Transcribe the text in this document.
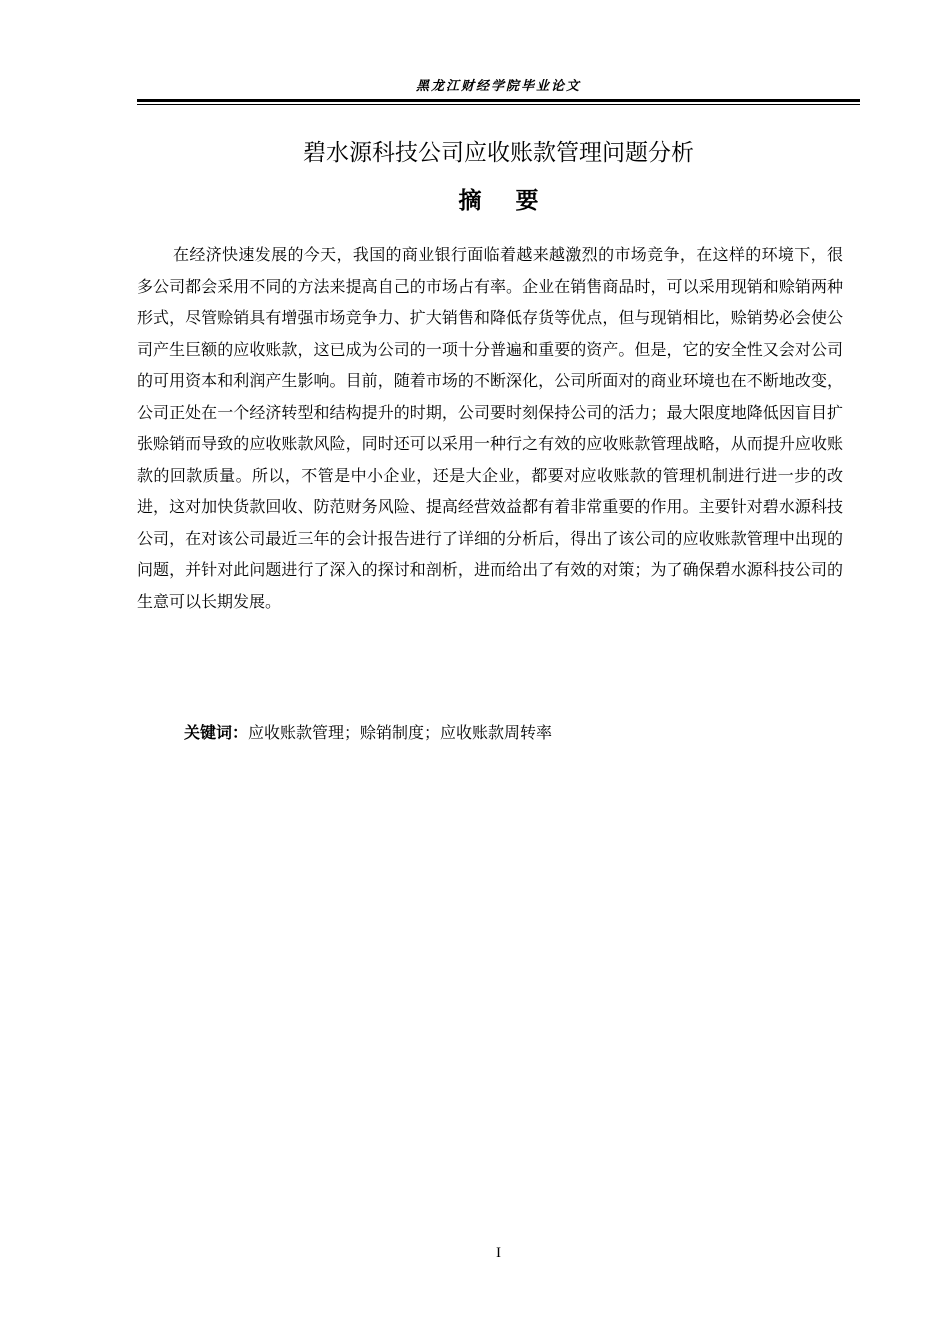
黑龙江财经学院毕业论文
碧水源科技公司应收账款管理问题分析
摘要

在经济快速发展的今天，我国的商业银行面临着越来越激烈的市场竞争，在这样的环境下，很多公司都会采用不同的方法来提高自己的市场占有率。企业在销售商品时，可以采用现销和赊销两种形式，尽管赊销具有增强市场竞争力、扩大销售和降低存货等优点，但与现销相比，赊销势必会使公司产生巨额的应收账款，这已成为公司的一项十分普遍和重要的资产。但是，它的安全性又会对公司的可用资本和利润产生影响。目前，随着市场的不断深化，公司所面对的商业环境也在不断地改变，公司正处在一个经济转型和结构提升的时期，公司要时刻保持公司的活力；最大限度地降低因盲目扩张赊销而导致的应收账款风险，同时还可以采用一种行之有效的应收账款管理战略，从而提升应收账款的回款质量。所以，不管是中小企业，还是大企业，都要对应收账款的管理机制进行进一步的改进，这对加快货款回收、防范财务风险、提高经营效益都有着非常重要的作用。主要针对碧水源科技公司，在对该公司最近三年的会计报告进行了详细的分析后，得出了该公司的应收账款管理中出现的问题，并针对此问题进行了深入的探讨和剖析，进而给出了有效的对策；为了确保碧水源科技公司的生意可以长期发展。

关键词：应收账款管理；赊销制度；应收账款周转率
I
